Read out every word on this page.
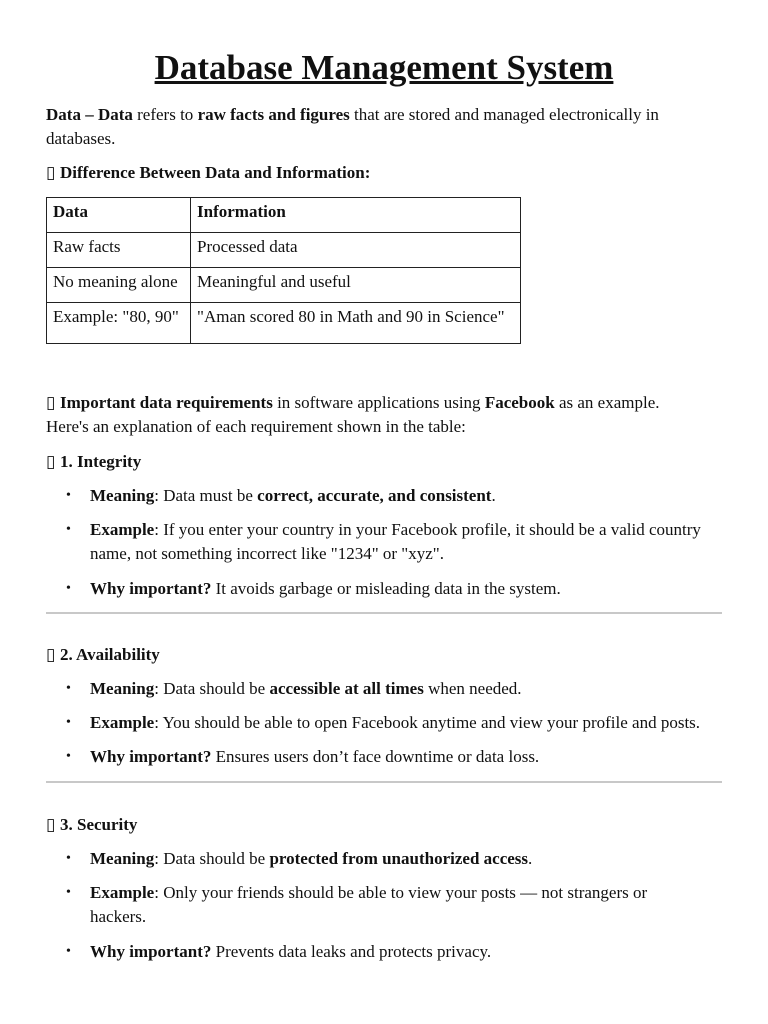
Database Management System

Data – Data refers to raw facts and figures that are stored and managed electronically in databases.

▯ Difference Between Data and Information:
Data	Information
Raw facts	Processed data
No meaning alone	Meaningful and useful
Example: "80, 90"	"Aman scored 80 in Math and 90 in Science"

▯ Important data requirements in software applications using Facebook as an example.
Here's an explanation of each requirement shown in the table:

▯ 1. Integrity
• Meaning: Data must be correct, accurate, and consistent.
• Example: If you enter your country in your Facebook profile, it should be a valid country name, not something incorrect like "1234" or "xyz".
• Why important? It avoids garbage or misleading data in the system.
▯ 2. Availability
• Meaning: Data should be accessible at all times when needed.
• Example: You should be able to open Facebook anytime and view your profile and posts.
• Why important? Ensures users don’t face downtime or data loss.
▯ 3. Security
• Meaning: Data should be protected from unauthorized access.
• Example: Only your friends should be able to view your posts — not strangers or hackers.
• Why important? Prevents data leaks and protects privacy.
